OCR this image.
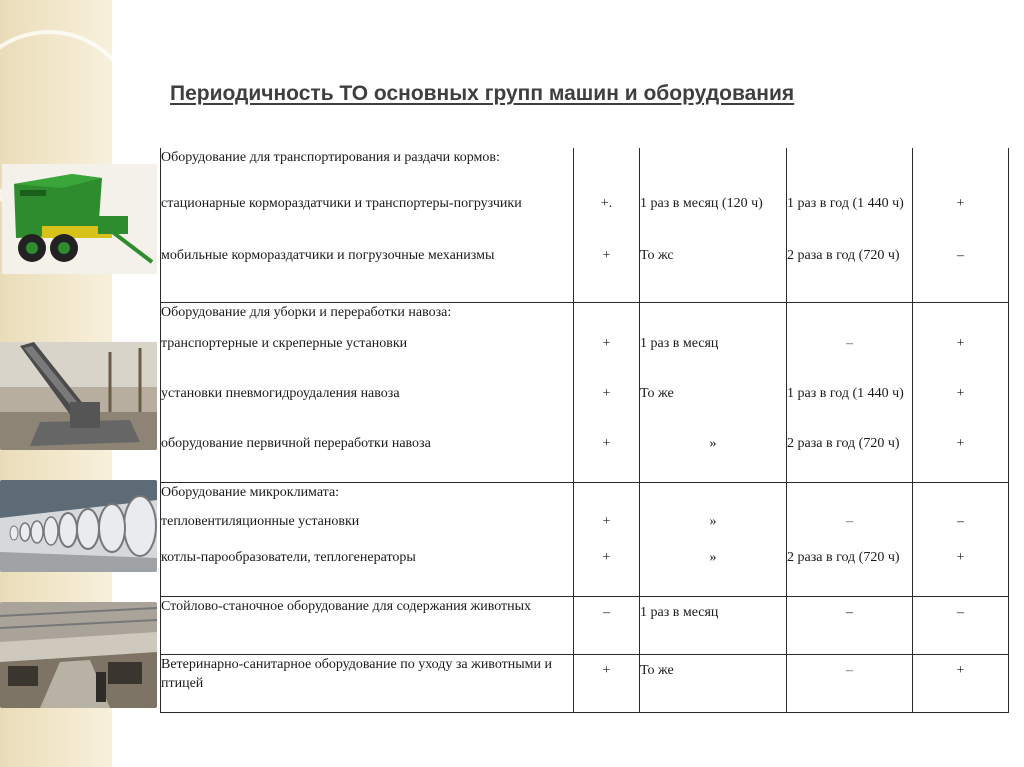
Периодичность ТО основных групп машин и оборудования
Оборудование для транспортирования и раздачи кормов:				
стационарные кормораздатчики и транспортеры-погрузчики	+.	1 раз в месяц (120 ч)	1 раз в год (1 440 ч)	+
мобильные кормораздатчики и погрузочные механизмы	+	То жс	2 раза в год (720 ч)	–
Оборудование для уборки и переработки навоза:				
транспортерные и скреперные установки	+	1 раз в месяц	–	+
установки пневмогидроудаления навоза	+	То же	1 раз в год (1 440 ч)	+
оборудование первичной переработки навоза	+	»	2 раза в год (720 ч)	+
Оборудование микроклимата:				
тепловентиляционные установки	+	»	–	–
котлы-парообразователи, теплогенераторы	+	»	2 раза в год (720 ч)	+
Стойлово-станочное оборудование для содержания животных	–	1 раз в месяц	–	–
Ветеринарно-санитарное оборудование по уходу за животными и птицей	+	То же	–	+
